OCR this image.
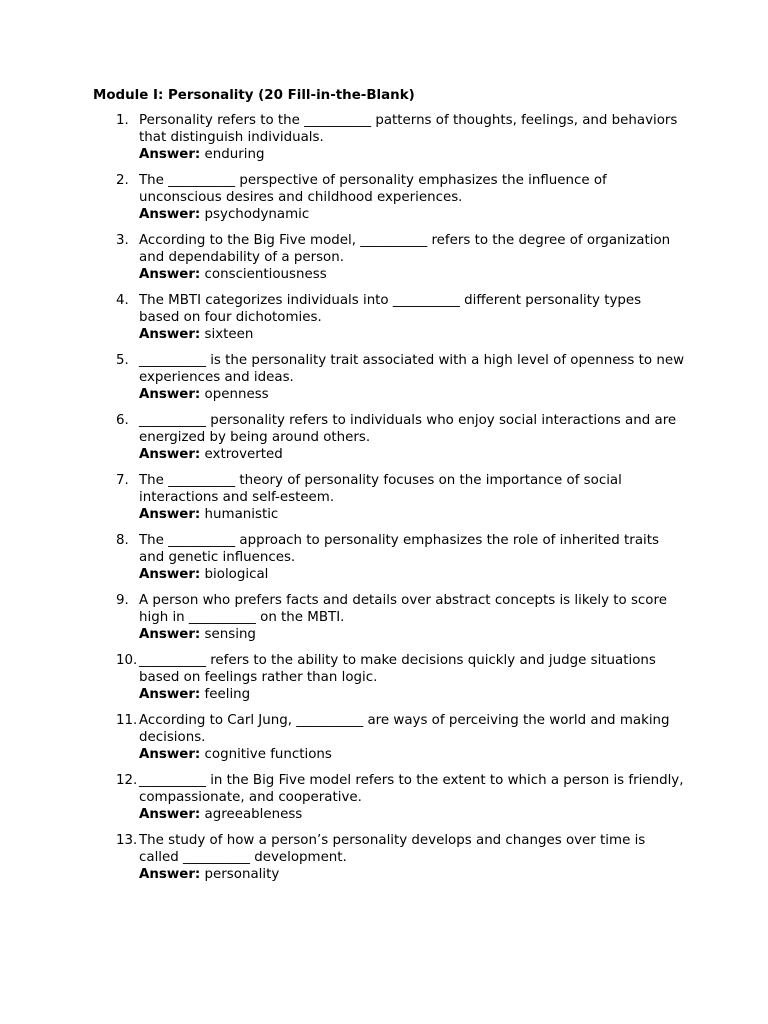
Module I: Personality (20 Fill-in-the-Blank)
1. Personality refers to the __________ patterns of thoughts, feelings, and behaviors that distinguish individuals.
Answer: enduring
2. The __________ perspective of personality emphasizes the influence of unconscious desires and childhood experiences.
Answer: psychodynamic
3. According to the Big Five model, __________ refers to the degree of organization and dependability of a person.
Answer: conscientiousness
4. The MBTI categorizes individuals into __________ different personality types based on four dichotomies.
Answer: sixteen
5. __________ is the personality trait associated with a high level of openness to new experiences and ideas.
Answer: openness
6. __________ personality refers to individuals who enjoy social interactions and are energized by being around others.
Answer: extroverted
7. The __________ theory of personality focuses on the importance of social interactions and self-esteem.
Answer: humanistic
8. The __________ approach to personality emphasizes the role of inherited traits and genetic influences.
Answer: biological
9. A person who prefers facts and details over abstract concepts is likely to score high in __________ on the MBTI.
Answer: sensing
10. __________ refers to the ability to make decisions quickly and judge situations based on feelings rather than logic.
Answer: feeling
11. According to Carl Jung, __________ are ways of perceiving the world and making decisions.
Answer: cognitive functions
12. __________ in the Big Five model refers to the extent to which a person is friendly, compassionate, and cooperative.
Answer: agreeableness
13. The study of how a person’s personality develops and changes over time is called __________ development.
Answer: personality
